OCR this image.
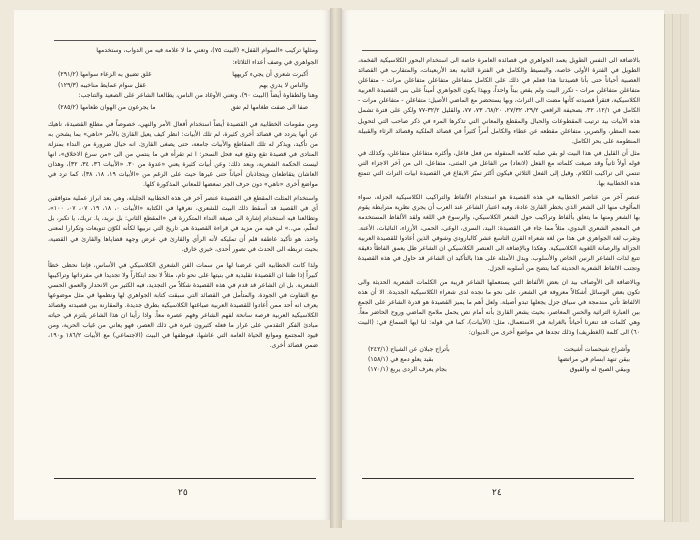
ومثلها تركيب «السوام القفل» (البيت ٧٥)، وتعني ما لا علامة فيه من الدواب، وستخدمها

الجواهري في وصف أعداء الثلاثاء:

أكبرت شعري أن يجيء كريهها
غلق تضيق به الزعاء سوامها (٢٩١/٢)
والناس لا يدري بهم
غفل سوام عمايط مناخيبه (١٢٩/٣)

وهنا والطفاوة أيضاً (البيت ٩٠)، وتعني الأوغاد من الناس، يطالعنا الشاعر على الصعيد والتناجب:

صفا الى صفت طغامها لم تفق
ما يجرعون من الهوان طعامها (٢٨٥/٢)

ومن مقومات الخطابية في القصيدة أيضاً استخدام أفعال الأمر والنهي، خصوصاً في مطلع القصيدة، ناهيك عن أنها يتردد في قصائد أخرى كثيرة، لم تلك الأبيات: انظر كيف يعيل القارئ بالأمر «ناهي» بما يشحن به من تأكيد، ويذكر له تلك المقاطع والأبيات جامعة، حتى يصغى القارئ. انه حيال ضرورة من النداء بمنزلة المنادى في قصيدة تقع وتقع فيه فحل السحر: ا ثم تقرأه في ما ينتمي من الى «من سرع الاخلاق»، انها ليست الحكمة الشعرية، وبعد ذلك: وعن أبيات كثيرة يعني «عدوة من ٣٠. «الأبيات ٣٦، ٣٤، ٣٢)، وهذان العاشان يتقاطعان ويتجاذبان أحياناً حتى غيرها حيث على الرغم من «الأبيات ١٩، ١٨، ٣٨)، كما ترد في مواضع أخرى «ناهي» دون حرف الجر تمعضها للمعاني المذكورة كلها.

واستخدام المثلث المقطع في القصيدة عنصر آخر في هذه الخطابية الجليلة، وهي بعد ابراز عملية متوافقين أي في القصيد قد أسقط ذلك البيت للشعري، نعرفها في الكتابة «الأبيات ٠، ١٨، ١٩، ٠٧، ٠٧، ١٠٠»، وتطالعنا فيه استخدام إشارة الى صيغة النداء المتكررة في «المقطع الثاني: بل نريد، يا. تريك، يا تكبر، بل لنعلّم، مي..» لي فيه من مزيد في قراءة القصيدة هي تاريخ التي نربيها لكأنه لكوّن تنويعات وتكرارا لمعنى واحد، هو تأكيد عاطفة قلم أن تمليكه لأنه الرأي والقارئ في عرض وجهة قضاياها والقارئ في القضية، بحيث تربطه الى الحدث في تصور أحدى، خيري خارق.

ولذا كانت الخطابية التي عرضنا لها من سمات الفن الشعري الكلاسيكي في الأساس، فإننا نحظى خطأ كبيراً إذا ظننا ان القصيدة تقليدية في بنيتها على نحو تام، مثلاً لا نجد ابتكاراً ولا تجديدا في مفرداتها وتراكيبها الشعرية. بل ان الشاعر قد قدم في هذه القصيدة شكلاً من التجديد، فيه الكثير من الانحدار والعمق الحسي مع التفاوت في الجودة. والمتأمل في القصائد التي سبقت كتابة الجواهري لها ونظمها في مثل موضوعها يعرف انه أحد ممن أعادوا للقصيدة العربية صياغتها الكلاسيكية بطرق جديدة. والمقارنة بين قصيدته وقصائد الكلاسيكية العربية فرصة سانحة لفهم الشاعر وفهم عصره معاً. واذا رأينا ان هذا الشاعر يلتزم في حياته مبادئ الفكر التقدمي على غرار ما فعله كثيرون غيره في ذلك العصر، فهو يعاني من غياب الحرية، ومن قيود المجتمع وموانع الحياة العامة التي عاشها، فيوظفها في البيت (الاجتماعي) مع الأبيات ١٨٦/٢ و١٩٠، ضمن قصائد أخرى.

٢٥

بالاضافة الى النفس الطويل يعمد الجواهري في قصائده العامرة خاصة الى استخدام البحور الكلاسيكية الفخمة، الطويل في الفترة الأولى خاصة، والبسيط والكامل في الفترة الثانية بعد الأربعينات، والمتقارب في القصائد العصبية أحياناً حتى بأنا قصيدتنا هذا فعلم في ذلك على الكامل متفاعلن متفاعلن متفاعلن مرات - متفاعلن متفاعلن متفاعلن مرات - تكرر البيت ولم يقص بيتاً واحداً، وبهذا يكون الجواهري أميناً على بنى القصيدة العربية الكلاسيكية، فتقرأ قصيدته كأنها مضت الى التراث، وبها يستحضر مع الماضي الأصيل: متفاعلن - متفاعلن مرات - الكامل في ١٢/١، ٣٢، بصحيفة الرافعي ٢٩/٢، ٢٧/٣٢، ٦٨/٢٠، ٧٣، ٧٧، والقليل ٣٢/٢-٧٧ ولكن على فترة تشمل هذه الأبيات بيد ترتيب المقطوعات والحبال والمقطع والمعاني التي تذكرها المرء في ذكر صاحب التي لتحويل نعمة المطر، والصرير، متفاعلن مقطعه عن عطاء والكامل أمراً كثيراً في قصائد الملكية وقصائد الرثاء والقبيلة المنظومة على بحر الكامل.

مثل أن القليل في هذا البيت لو بقي صلبه كلامه المنقولة من فعل فاعل، وأكثره متفاعلن متفاعلن، وكذلك في قوله أولاً ثانياً وقد صيغت كلماته مع الفعل (لانعاد) من الفاعل في المثنى، متفاعل، الى من آخر الاجزاء التي تنتمي الى تراكيب الكلام. وقيل إلى الفعل الثلاثي فيكون أكثر تميّز الايقاع في القصيدة ابيات التراث التي تتمتع هذه الخطابية بها.

عنصر آخر من عناصر الخطابية في هذه القصيدة هو استخدام الألفاظ والتراكيب الكلاسيكية الجزلة، سواء المألوف منها الى الشعر الذي يخطر القارئ عادة، وفيه اعتبار الشاعر عند العرب أن يجري نظرية مترابطة يقوم بها الشعر ومنها ما يتعلق بألفاظ وتراكيب حول الشعر الكلاسيكي، والرسوخ في اللغة ولقد الألفاظ المستخدمة في المعجم الشعري البدوي، مثلاً مما جاء في القصيدة: البيد، السرى، الوغى، الحمى، الأرزاء، النائبات، الأعنة. وتقرب لغة الجواهري في هذا من لغة شعراء القرن التاسع عشر كالبارودي وشوقي الذين أعادوا للقصيدة العربية الجزالة والرصانة اللغوية الكلاسيكية. وهكذا وبالإضافة الى العنصر الكلاسيكي ان الشاعر ظل يعمق الفاظاً دقيقة تتبع لذات الشاعر الرنين الخاص والأسلوب. ويدل الأمثلة على هذا بالتأكيد ان الشاعر قد حاول في هذه القصيدة وتجنب الالفاظ الشعرية الحديثة كما يتضح من أسلوبه الجزل.

وبالاضافة الى الأوصاف بيد ان بعض الألفاظ التي يستعملها الشاعر قريبة من الكلمات الشعرية الحديثة والى تكون بعض الوسائل أشكالاً معروفة في الشعر، على نحو ما نجده لدى شعراء الكلاسيكية الجديدة. الا أن هذه الالفاظ تأتي مندمجة في سياق جزل يجعلها تبدو أصيلة. ولعل أهم ما يميز القصيدة هو قدرة الشاعر على الجمع بين العبارة التراثية والحس المعاصر، بحيث يشعر القارئ بأنه أمام نص يحمل ملامح الماضي وروح الحاضر معاً. وهي كلمات قد تنعرنا أحياناً بالغرابة في الاستعمال، مثل: (الأبيات)، كما في قوله: لنا ايها السماع في: (البيت ٦٠) الى كلمة (الغطريف) وذلك تجدها في مواضع أخرى من الديوان:

وأشراح شيحسات أشيحت
بأتراح جبلان عن الشياح (٢٤٢/١)
بيقن تنهد ابسام في مراتضها
بقيد يعلو دمع في (١٥٨/١)
وبيقي الصبح له والفيوق
بجام يعرف الردى يربع (١٧٠/١)
٢٤
